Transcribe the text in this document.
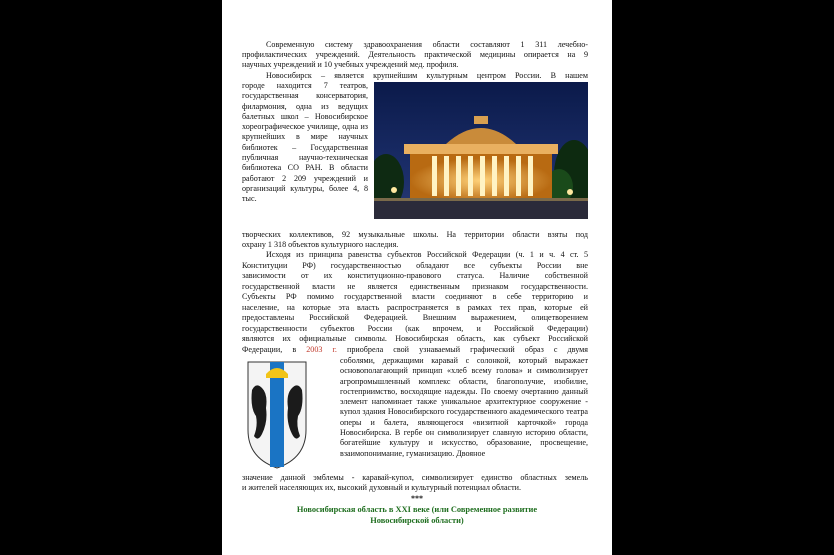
Современную систему здравоохранения области составляют 1 311 лечебно-
профилактических учреждений. Деятельность практической медицины опирается на 9
научных учреждений и 10 учебных учреждений мед. профиля.
Новосибирск – является крупнейшим культурным центром России. В нашем
городе находится 7 театров, государственная консерватория, филармония, одна из ведущих балетных школ – Новосибирское хореографическое училище, одна из крупнейших в мире научных библиотек – Государственная публичная научно-техническая библиотека СО РАН. В области работают 2 209 учреждений и организаций культуры, более 4, 8 тыс.
творческих коллективов, 92 музыкальные школы. На территории области взяты под
охрану 1 318 объектов культурного наследия.
Исходя из принципа равенства субъектов Российской Федерации (ч. 1 и ч. 4 ст. 5
Конституции РФ) государственностью обладают все субъекты России вне
зависимости от их конституционно-правового статуса. Наличие собственной
государственной власти не является единственным признаком государственности.
Субъекты РФ помимо государственной власти соединяют в себе территорию и
население, на которые эта власть распространяется в рамках тех прав, которые ей
предоставлены Российской Федерацией. Внешним выражением, олицетворением
государственности субъектов России (как впрочем, и Российской Федерации)
являются их официальные символы. Новосибирская область, как субъект Российской
Федерации, в 2003 г. приобрела свой узнаваемый графический образ с двумя
соболями, держащими каравай с солонкой, который выражает основополагающий принцип «хлеб всему голова» и символизирует агропромышленный комплекс области, благополучие, изобилие, гостеприимство, восходящие надежды. По своему очертанию данный элемент напоминает также уникальное архитектурное сооружение - купол здания Новосибирского государственного академического театра оперы и балета, являющегося «визитной карточкой» города Новосибирска. В гербе он символизирует славную историю области, богатейшие культуру и искусство, образование, просвещение, взаимопонимание, гуманизацию. Двояное
значение данной эмблемы - каравай-купол, символизирует единство областных земель
и жителей населяющих их, высокий духовный и культурный потенциал области.
***
Новосибирская область в XXI веке (или Современное развитие Новосибирской области)
